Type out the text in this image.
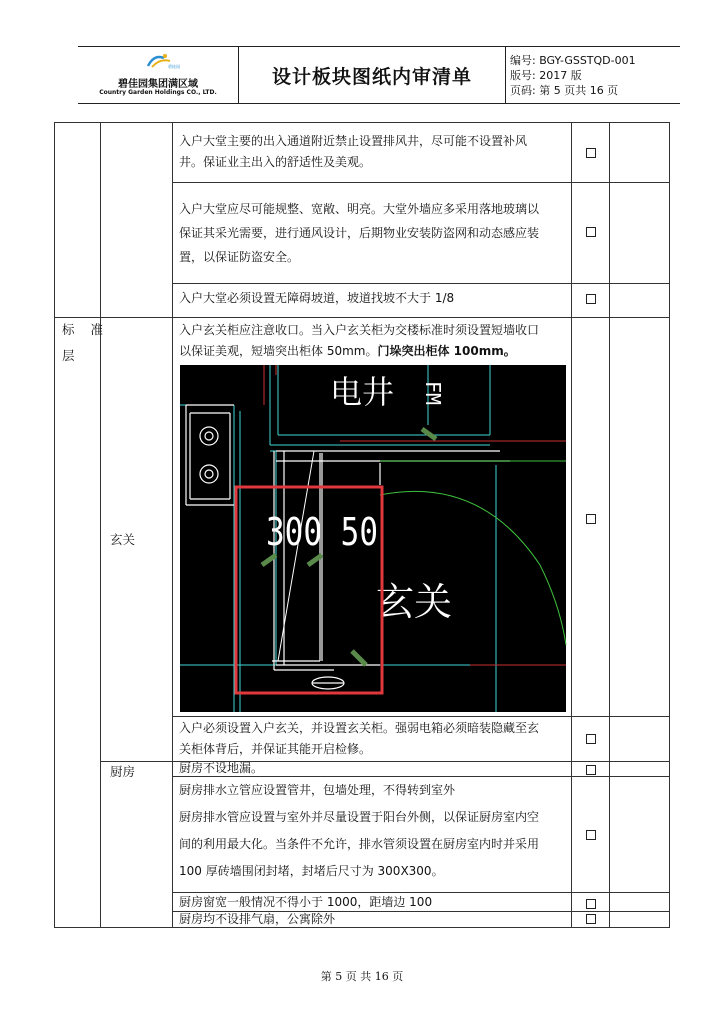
碧桂园
碧佳园集团满区域
Country Garden Holdings CO., LTD.
设计板块图纸内审清单
编号: BGY-GSSTQD-001
版号: 2017 版
页码: 第 5 页共 16 页
入户大堂主要的出入通道附近禁止设置排风井，尽可能不设置补风
井。保证业主出入的舒适性及美观。
入户大堂应尽可能规整、宽敞、明亮。大堂外墙应多采用落地玻璃以
保证其采光需要，进行通风设计，后期物业安装防盗网和动态感应装
置，以保证防盗安全。
入户大堂必须设置无障碍坡道，坡道找坡不大于 1/8
入户玄关柜应注意收口。当入户玄关柜为交楼标准时须设置短墙收口
以保证美观，短墙突出柜体 50mm。门垛突出柜体 100mm。
入户必须设置入户玄关，并设置玄关柜。强弱电箱必须暗装隐藏至玄
关柜体背后，并保证其能开启检修。
厨房不设地漏。
厨房排水立管应设置管井，包墙处理，不得转到室外
厨房排水管应设置与室外并尽量设置于阳台外侧，以保证厨房室内空
间的利用最大化。当条件不允许，排水管须设置在厨房室内时并采用
100 厚砖墙围闭封堵，封堵后尺寸为 300X300。
厨房窗宽一般情况不得小于 1000，距墙边 100
厨房均不设排气扇，公寓除外
标 准
层
玄关
厨房
电井 FM
DM21
300 50
玄关
第 5 页 共 16 页
